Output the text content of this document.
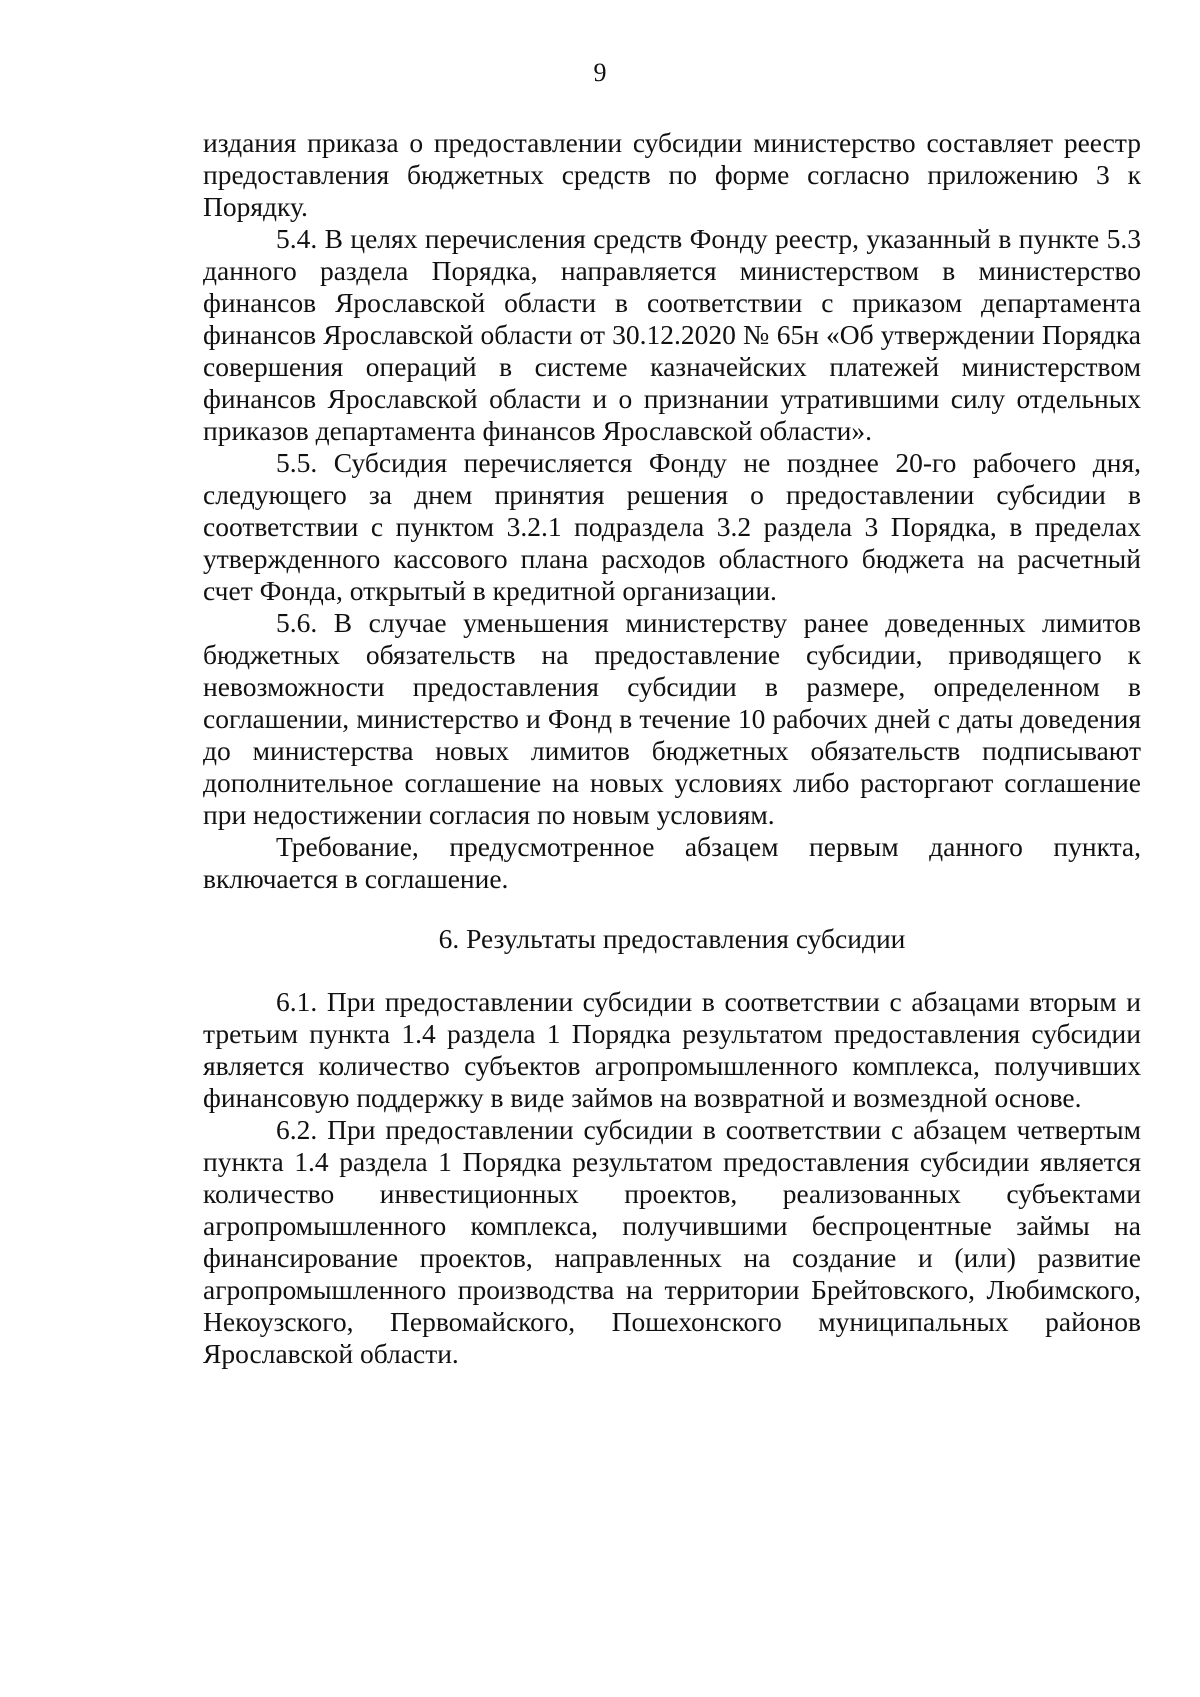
9

издания приказа о предоставлении субсидии министерство составляет реестр предоставления бюджетных средств по форме согласно приложению 3 к Порядку.

5.4. В целях перечисления средств Фонду реестр, указанный в пункте 5.3 данного раздела Порядка, направляется министерством в министерство финансов Ярославской области в соответствии с приказом департамента финансов Ярославской области от 30.12.2020 № 65н «Об утверждении Порядка совершения операций в системе казначейских платежей министерством финансов Ярославской области и о признании утратившими силу отдельных приказов департамента финансов Ярославской области».

5.5. Субсидия перечисляется Фонду не позднее 20-го рабочего дня, следующего за днем принятия решения о предоставлении субсидии в соответствии с пунктом 3.2.1 подраздела 3.2 раздела 3 Порядка, в пределах утвержденного кассового плана расходов областного бюджета на расчетный счет Фонда, открытый в кредитной организации.

5.6. В случае уменьшения министерству ранее доведенных лимитов бюджетных обязательств на предоставление субсидии, приводящего к невозможности предоставления субсидии в размере, определенном в соглашении, министерство и Фонд в течение 10 рабочих дней с даты доведения до министерства новых лимитов бюджетных обязательств подписывают дополнительное соглашение на новых условиях либо расторгают соглашение при недостижении согласия по новым условиям.

Требование, предусмотренное абзацем первым данного пункта, включается в соглашение.

6. Результаты предоставления субсидии

6.1. При предоставлении субсидии в соответствии с абзацами вторым и третьим пункта 1.4 раздела 1 Порядка результатом предоставления субсидии является количество субъектов агропромышленного комплекса, получивших финансовую поддержку в виде займов на возвратной и возмездной основе.

6.2. При предоставлении субсидии в соответствии с абзацем четвертым пункта 1.4 раздела 1 Порядка результатом предоставления субсидии является количество инвестиционных проектов, реализованных субъектами агропромышленного комплекса, получившими беспроцентные займы на финансирование проектов, направленных на создание и (или) развитие агропромышленного производства на территории Брейтовского, Любимского, Некоузского, Первомайского, Пошехонского муниципальных районов Ярославской области.
